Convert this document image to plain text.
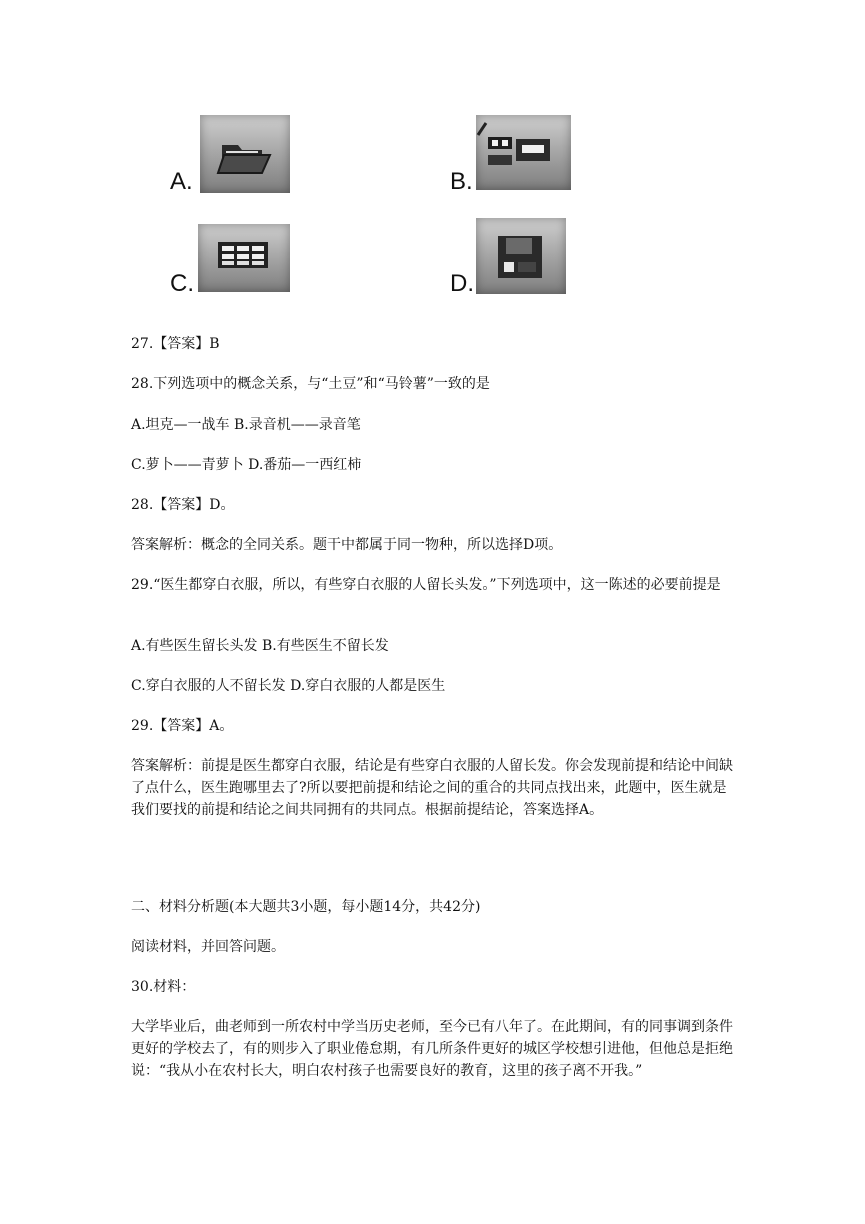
A.	B.
C.	D.

27.【答案】B

28.下列选项中的概念关系，与“土豆”和“马铃薯”一致的是

A.坦克—一战车 B.录音机——录音笔

C.萝卜——青萝卜 D.番茄—一西红柿

28.【答案】D。

答案解析：概念的全同关系。题干中都属于同一物种，所以选择D项。

29.“医生都穿白衣服，所以，有些穿白衣服的人留长头发。”下列选项中，这一陈述的必要前提是

A.有些医生留长头发 B.有些医生不留长发

C.穿白衣服的人不留长发 D.穿白衣服的人都是医生

29.【答案】A。

答案解析：前提是医生都穿白衣服，结论是有些穿白衣服的人留长发。你会发现前提和结论中间缺了点什么，医生跑哪里去了?所以要把前提和结论之间的重合的共同点找出来，此题中，医生就是我们要找的前提和结论之间共同拥有的共同点。根据前提结论，答案选择A。

二、材料分析题(本大题共3小题，每小题14分，共42分)

阅读材料，并回答问题。

30.材料：

大学毕业后，曲老师到一所农村中学当历史老师，至今已有八年了。在此期间，有的同事调到条件更好的学校去了，有的则步入了职业倦怠期，有几所条件更好的城区学校想引进他，但他总是拒绝说：“我从小在农村长大，明白农村孩子也需要良好的教育，这里的孩子离不开我。”
